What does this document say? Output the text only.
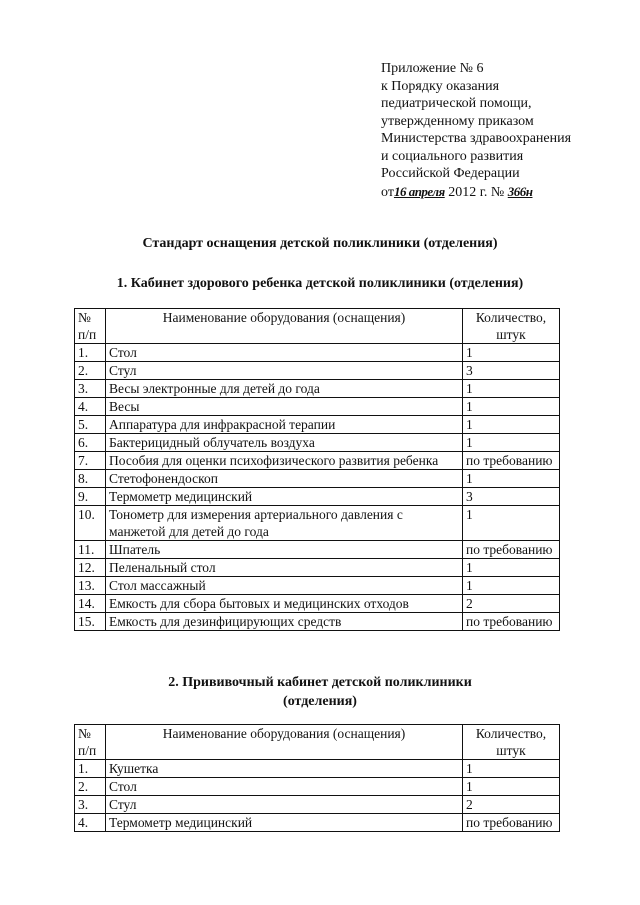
Приложение № 6
к Порядку оказания
педиатрической помощи,
утвержденному приказом
Министерства здравоохранения
и социального развития
Российской Федерации
от16 апреля 2012 г. № 366н
Стандарт оснащения детской поликлиники (отделения)
1. Кабинет здорового ребенка детской поликлиники (отделения)
№ п/п	Наименование оборудования (оснащения)	Количество, штук
1.	Стол	1
2.	Стул	3
3.	Весы электронные для детей до года	1
4.	Весы	1
5.	Аппаратура для инфракрасной терапии	1
6.	Бактерицидный облучатель воздуха	1
7.	Пособия для оценки психофизического развития ребенка	по требованию
8.	Стетофонендоскоп	1
9.	Термометр медицинский	3
10.	Тонометр для измерения артериального давления с манжетой для детей до года	1
11.	Шпатель	по требованию
12.	Пеленальный стол	1
13.	Стол массажный	1
14.	Емкость для сбора бытовых и медицинских отходов	2
15.	Емкость для дезинфицирующих средств	по требованию
2. Прививочный кабинет детской поликлиники
(отделения)
№ п/п	Наименование оборудования (оснащения)	Количество, штук
1.	Кушетка	1
2.	Стол	1
3.	Стул	2
4.	Термометр медицинский	по требованию
